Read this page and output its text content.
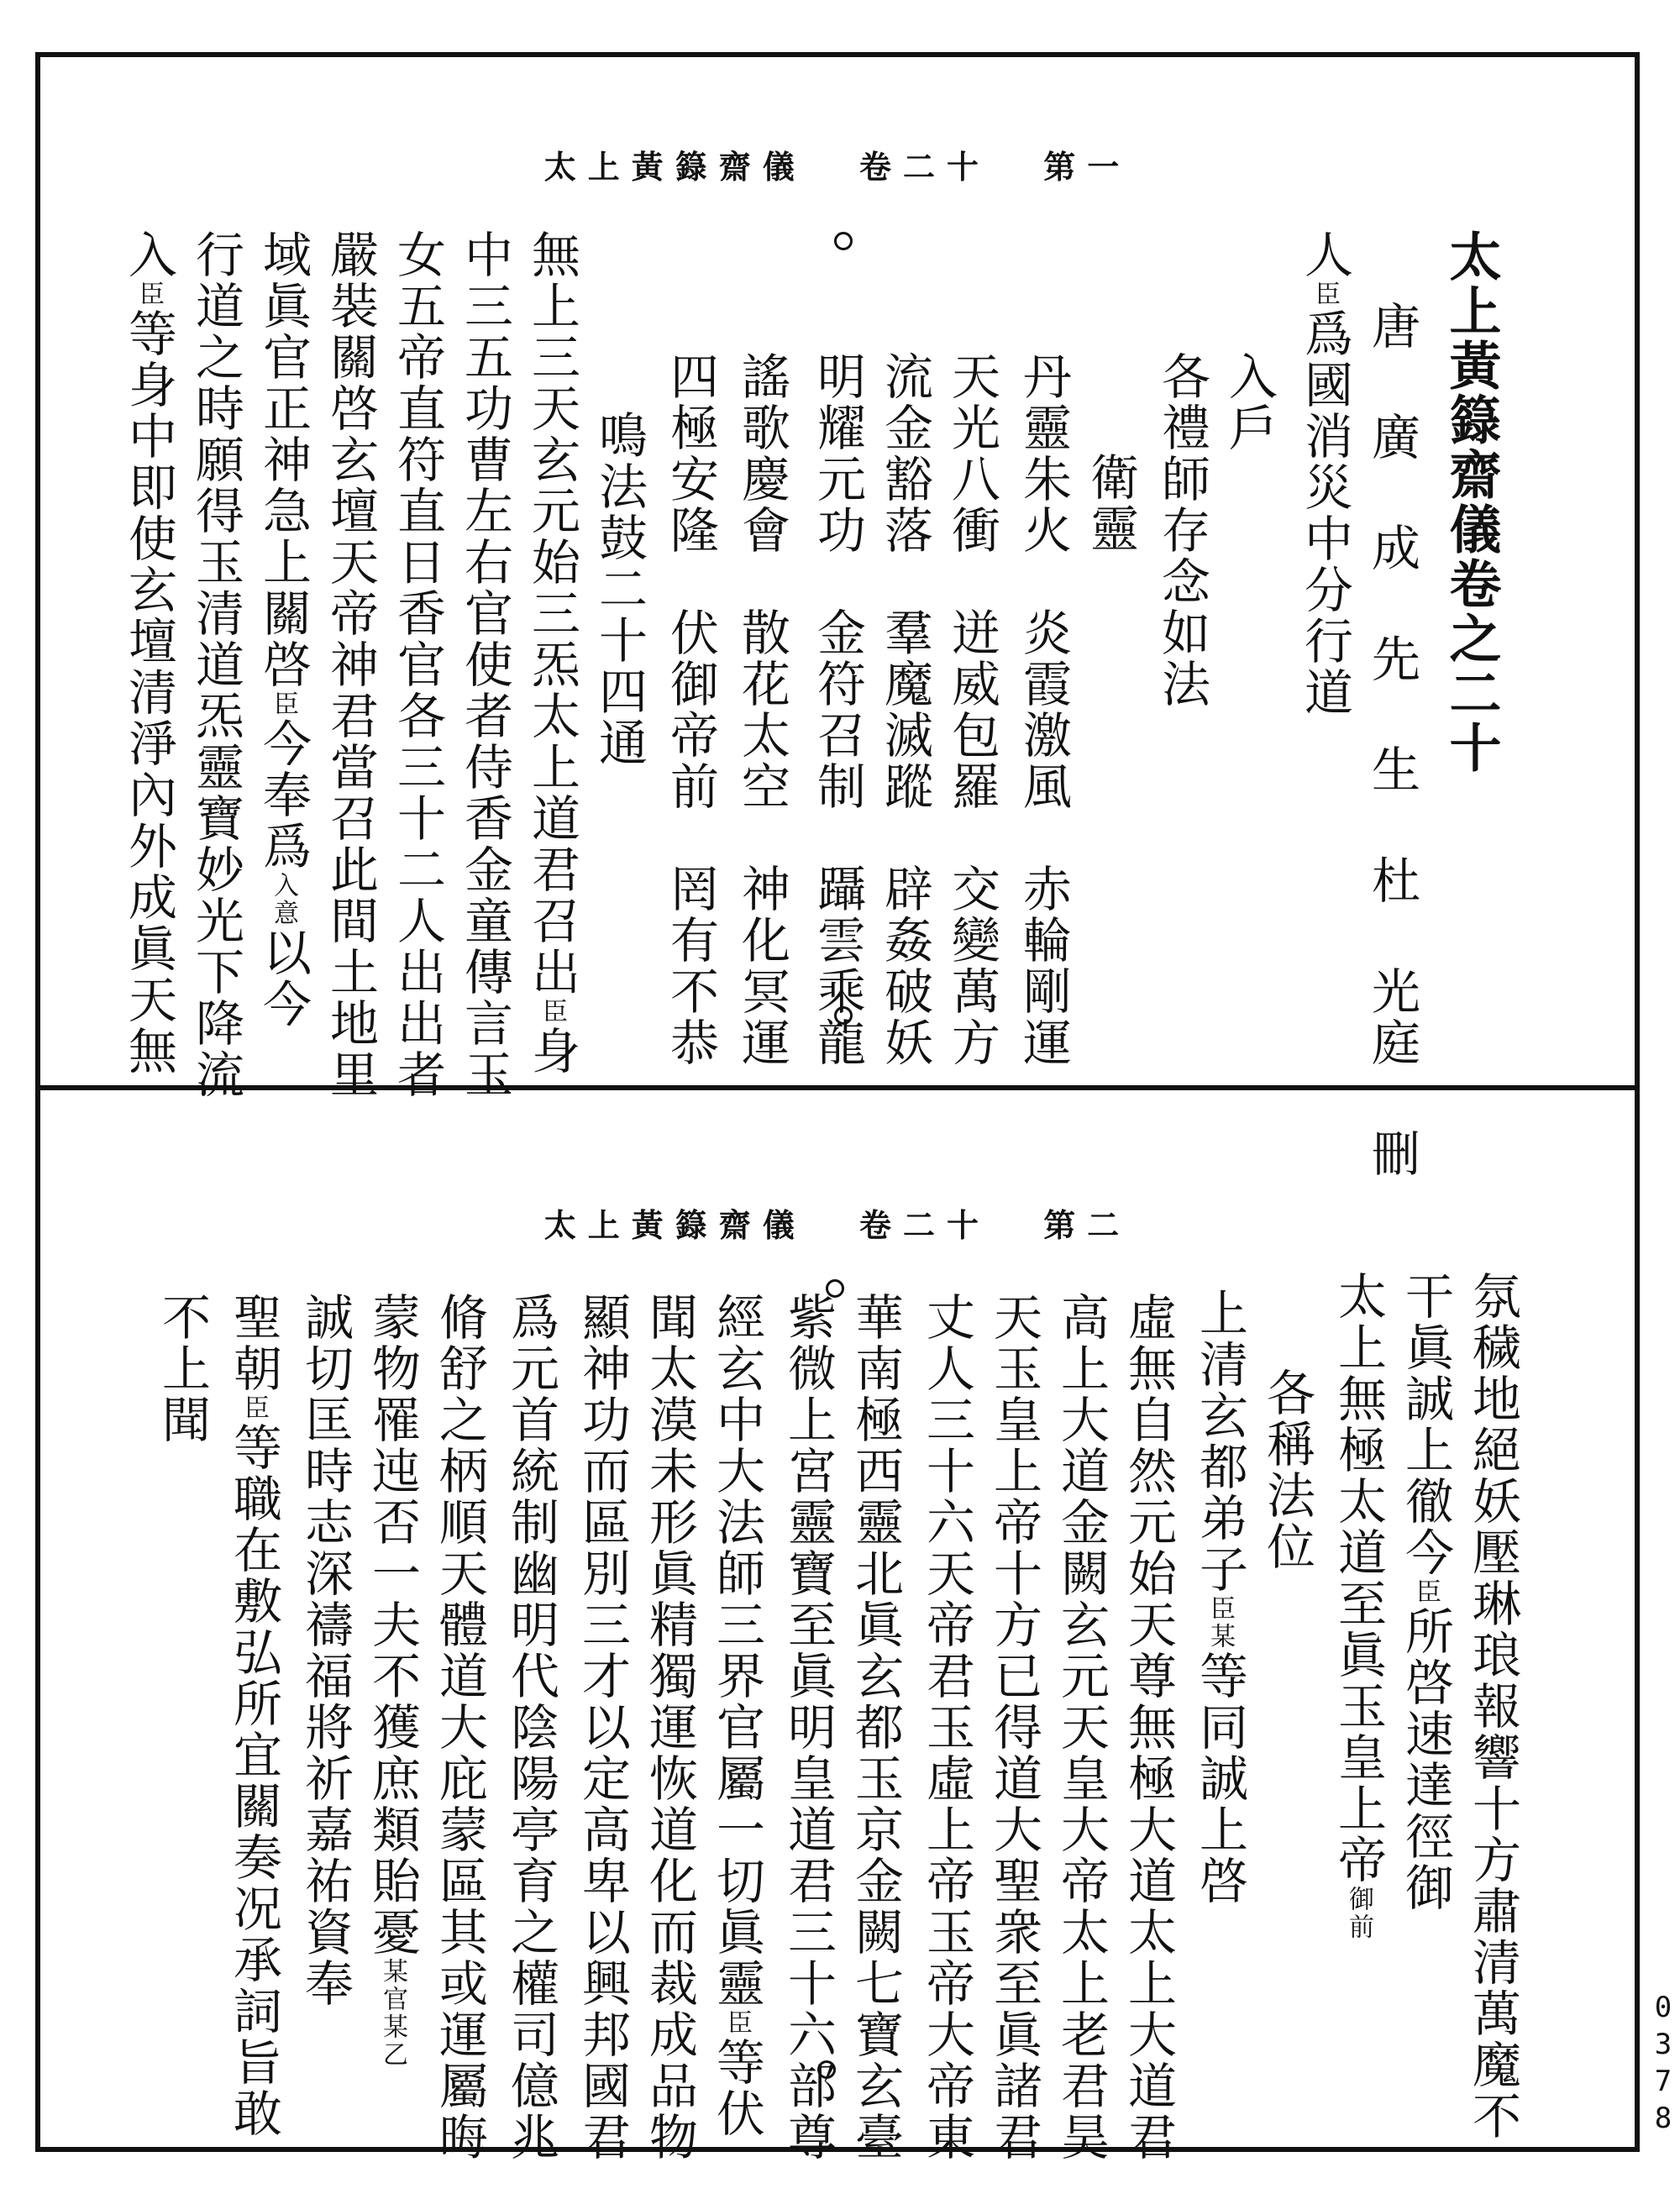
太上黃籙齋儀 卷二十 第一
太上黃籙齋儀卷之二十
唐 廣 成 先 生 杜 光庭 刪
人臣爲國消災中分行道
入戶
各禮師存念如法
衛靈
丹靈朱火　炎霞激風　赤輪剛運
天光八衝　迸威包羅　交變萬方
流金豁落　羣魔滅蹤　辟姦破妖
明耀元功　金符召制　躡雲乘龍
謠歌慶會　散花太空　神化冥運
四極安隆　伏御帝前　罔有不恭
鳴法鼓二十四通
無上三天玄元始三炁太上道君召出臣身
中三五功曹左右官使者侍香金童傳言玉
女五帝直符直日香官各三十二人出出者
嚴裝關啓玄壇天帝神君當召此間土地里
域眞官正神急上關啓臣今奉爲入意以今
行道之時願得玉清道炁靈寶妙光下降流
入臣等身中即使玄壇清淨內外成眞天無
太上黃籙齋儀 卷二十 第二
氛穢地絕妖壓琳琅報響十方肅清萬魔不
干眞誠上徹今臣所啓速達徑御
太上無極太道至眞玉皇上帝御前
各稱法位
上清玄都弟子臣某等同誠上啓
虛無自然元始天尊無極大道太上大道君
高上大道金闕玄元天皇大帝太上老君昊
天玉皇上帝十方已得道大聖衆至眞諸君
丈人三十六天帝君玉虛上帝玉帝大帝東
華南極西靈北眞玄都玉京金闕七寶玄臺
紫微上宮靈寶至眞明皇道君三十六部尊
經玄中大法師三界官屬一切眞靈臣等伏
聞太漠未形眞精獨運恢道化而裁成品物
顯神功而區別三才以定高卑以興邦國君
爲元首統制幽明代陰陽亭育之權司億兆
脩舒之柄順天體道大庇蒙區其或運屬晦
蒙物罹迍否一夫不獲庶類貽憂某官某乙
誠切匡時志深禱福將祈嘉祐資奉
聖朝臣等職在敷弘所宜關奏况承詞旨敢
不上聞
0378
